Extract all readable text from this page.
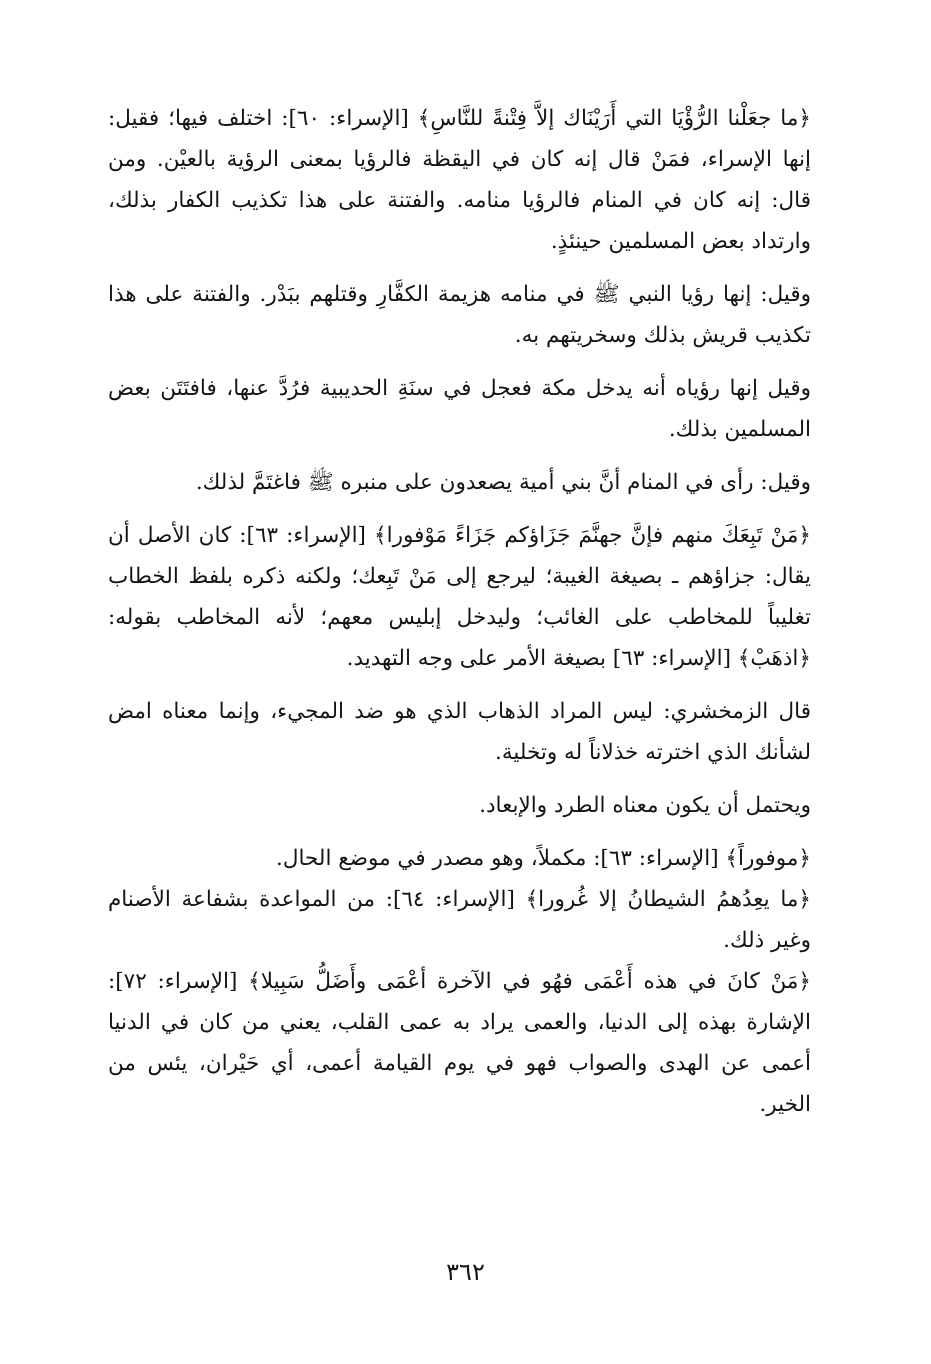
﴿ما جعَلْنا الرُّؤْيَا التي أَرَيْنَاك إلاَّ فِتْنةً للنَّاسِ﴾ [الإسراء: ٦٠]: اختلف فيها؛ فقيل: إنها الإسراء، فمَنْ قال إنه كان في اليقظة فالرؤيا بمعنى الرؤية بالعيْن. ومن قال: إنه كان في المنام فالرؤيا منامه. والفتنة على هذا تكذيب الكفار بذلك، وارتداد بعض المسلمين حينئذٍ.

وقيل: إنها رؤيا النبي ﷺ في منامه هزيمة الكفَّارِ وقتلهم ببَدْر. والفتنة على هذا تكذيب قريش بذلك وسخريتهم به.

وقيل إنها رؤياه أنه يدخل مكة فعجل في سنَةِ الحديبية فرُدَّ عنها، فافتَتَن بعض المسلمين بذلك.

وقيل: رأى في المنام أنَّ بني أمية يصعدون على منبره ﷺ فاغتَمَّ لذلك.

﴿مَنْ تَبِعَكَ منهم فإنَّ جهنَّمَ جَزَاؤكم جَزَاءً مَوْفورا﴾ [الإسراء: ٦٣]: كان الأصل أن يقال: جزاؤهم ـ بصيغة الغيبة؛ ليرجع إلى مَنْ تَبِعك؛ ولكنه ذكره بلفظ الخطاب تغليباً للمخاطب على الغائب؛ وليدخل إبليس معهم؛ لأنه المخاطب بقوله: ﴿اذهَبْ﴾ [الإسراء: ٦٣] بصيغة الأمر على وجه التهديد.

قال الزمخشري: ليس المراد الذهاب الذي هو ضد المجيء، وإنما معناه امض لشأنك الذي اخترته خذلاناً له وتخلية.

ويحتمل أن يكون معناه الطرد والإبعاد.

﴿موفوراً﴾ [الإسراء: ٦٣]: مكملاً، وهو مصدر في موضع الحال.

﴿ما يعِدُهمُ الشيطانُ إلا غُرورا﴾ [الإسراء: ٦٤]: من المواعدة بشفاعة الأصنام وغير ذلك.

﴿مَنْ كانَ في هذه أَعْمَى فهُو في الآخرة أعْمَى وأَضَلُّ سَبِيلا﴾ [الإسراء: ٧٢]: الإشارة بهذه إلى الدنيا، والعمى يراد به عمى القلب، يعني من كان في الدنيا أعمى عن الهدى والصواب فهو في يوم القيامة أعمى، أي حَيْران، يئس من الخير.

٣٦٢
